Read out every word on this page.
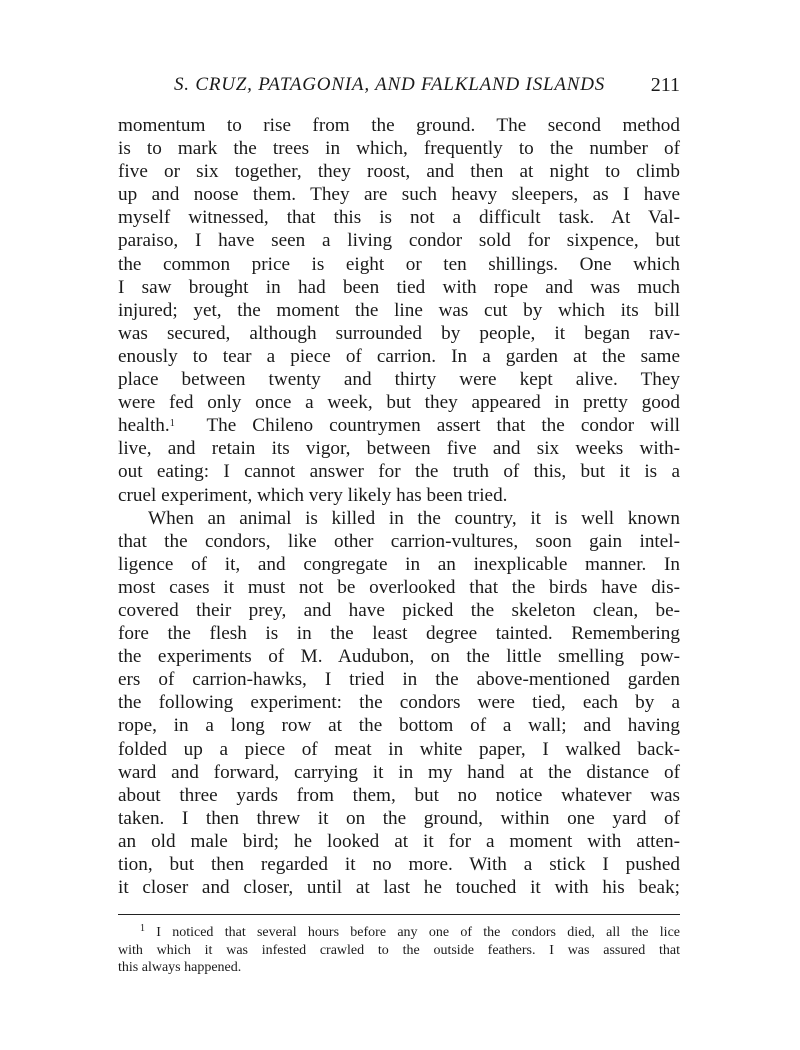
S. CRUZ, PATAGONIA, AND FALKLAND ISLANDS 211
momentum to rise from the ground. The second method
is to mark the trees in which, frequently to the number of
five or six together, they roost, and then at night to climb
up and noose them. They are such heavy sleepers, as I have
myself witnessed, that this is not a difficult task. At Val-
paraiso, I have seen a living condor sold for sixpence, but
the common price is eight or ten shillings. One which
I saw brought in had been tied with rope and was much
injured; yet, the moment the line was cut by which its bill
was secured, although surrounded by people, it began rav-
enously to tear a piece of carrion. In a garden at the same
place between twenty and thirty were kept alive. They
were fed only once a week, but they appeared in pretty good
health.$^1$ The Chileno countrymen assert that the condor will
live, and retain its vigor, between five and six weeks with-
out eating: I cannot answer for the truth of this, but it is a
cruel experiment, which very likely has been tried.
When an animal is killed in the country, it is well known
that the condors, like other carrion-vultures, soon gain intel-
ligence of it, and congregate in an inexplicable manner. In
most cases it must not be overlooked that the birds have dis-
covered their prey, and have picked the skeleton clean, be-
fore the flesh is in the least degree tainted. Remembering
the experiments of M. Audubon, on the little smelling pow-
ers of carrion-hawks, I tried in the above-mentioned garden
the following experiment: the condors were tied, each by a
rope, in a long row at the bottom of a wall; and having
folded up a piece of meat in white paper, I walked back-
ward and forward, carrying it in my hand at the distance of
about three yards from them, but no notice whatever was
taken. I then threw it on the ground, within one yard of
an old male bird; he looked at it for a moment with atten-
tion, but then regarded it no more. With a stick I pushed
it closer and closer, until at last he touched it with his beak;
$^1$ I noticed that several hours before any one of the condors died, all the lice
with which it was infested crawled to the outside feathers. I was assured that
this always happened.
